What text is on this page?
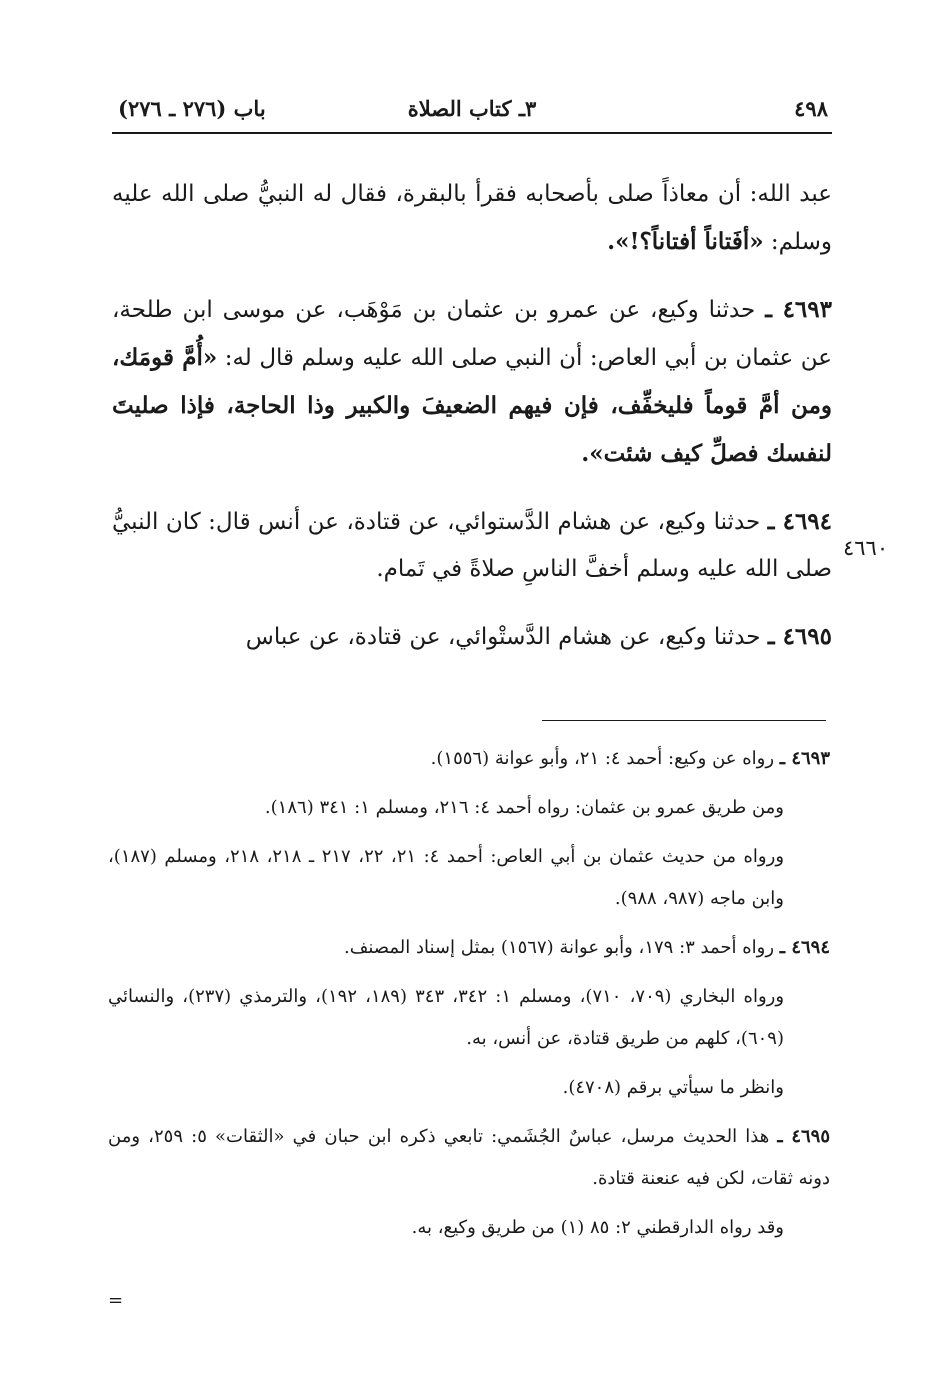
٤٩٨
٣ـ كتاب الصلاة
باب (٢٧٦ ـ ٢٧٦)
٤٦٦٠

عبد الله: أن معاذاً صلى بأصحابه فقرأ بالبقرة، فقال له النبيُّ صلى الله عليه وسلم: «أفَتاناً أفتاناً؟!».

٤٦٩٣ ـ حدثنا وكيع، عن عمرو بن عثمان بن مَوْهَب، عن موسى ابن طلحة، عن عثمان بن أبي العاص: أن النبي صلى الله عليه وسلم قال له: «أُمَّ قومَك، ومن أمَّ قوماً فليخفِّف، فإن فيهم الضعيفَ والكبير وذا الحاجة، فإذا صليتَ لنفسك فصلِّ كيف شئت».

٤٦٩٤ ـ حدثنا وكيع، عن هشام الدَّستوائي، عن قتادة، عن أنس قال: كان النبيُّ صلى الله عليه وسلم أخفَّ الناسِ صلاةً في تَمام.

٤٦٩٥ ـ حدثنا وكيع، عن هشام الدَّستْوائي، عن قتادة، عن عباس

٤٦٩٣ ـ رواه عن وكيع: أحمد ٤: ٢١، وأبو عوانة (١٥٥٦).

ومن طريق عمرو بن عثمان: رواه أحمد ٤: ٢١٦، ومسلم ١: ٣٤١ (١٨٦).

ورواه من حديث عثمان بن أبي العاص: أحمد ٤: ٢١، ٢٢، ٢١٧ ـ ٢١٨، ٢١٨، ومسلم (١٨٧)، وابن ماجه (٩٨٧، ٩٨٨).

٤٦٩٤ ـ رواه أحمد ٣: ١٧٩، وأبو عوانة (١٥٦٧) بمثل إسناد المصنف.

ورواه البخاري (٧٠٩، ٧١٠)، ومسلم ١: ٣٤٢، ٣٤٣ (١٨٩، ١٩٢)، والترمذي (٢٣٧)، والنسائي (٦٠٩)، كلهم من طريق قتادة، عن أنس، به.

وانظر ما سيأتي برقم (٤٧٠٨).

٤٦٩٥ ـ هذا الحديث مرسل، عباسٌ الجُشَمي: تابعي ذكره ابن حبان في «الثقات» ٥: ٢٥٩، ومن دونه ثقات، لكن فيه عنعنة قتادة.

وقد رواه الدارقطني ٢: ٨٥ (١) من طريق وكيع، به.

=
